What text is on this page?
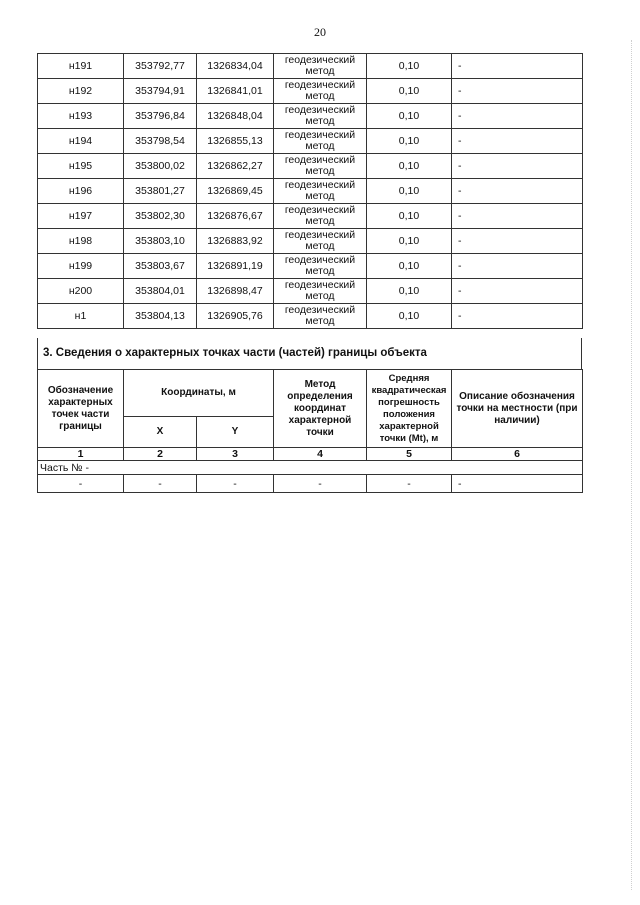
20
н191	353792,77	1326834,04	геодезический метод	0,10	-
н192	353794,91	1326841,01	геодезический метод	0,10	-
н193	353796,84	1326848,04	геодезический метод	0,10	-
н194	353798,54	1326855,13	геодезический метод	0,10	-
н195	353800,02	1326862,27	геодезический метод	0,10	-
н196	353801,27	1326869,45	геодезический метод	0,10	-
н197	353802,30	1326876,67	геодезический метод	0,10	-
н198	353803,10	1326883,92	геодезический метод	0,10	-
н199	353803,67	1326891,19	геодезический метод	0,10	-
н200	353804,01	1326898,47	геодезический метод	0,10	-
н1	353804,13	1326905,76	геодезический метод	0,10	-
3. Сведения о характерных точках части (частей) границы объекта
Обозначение характерных точек части границы	Координаты, м		Метод определения координат характерной точки	Средняя квадратическая погрешность положения характерной точки (Mt), м	Описание обозначения точки на местности (при наличии)
	X	Y			
1	2	3	4	5	6
Часть № -					
-	-	-	-	-	-
